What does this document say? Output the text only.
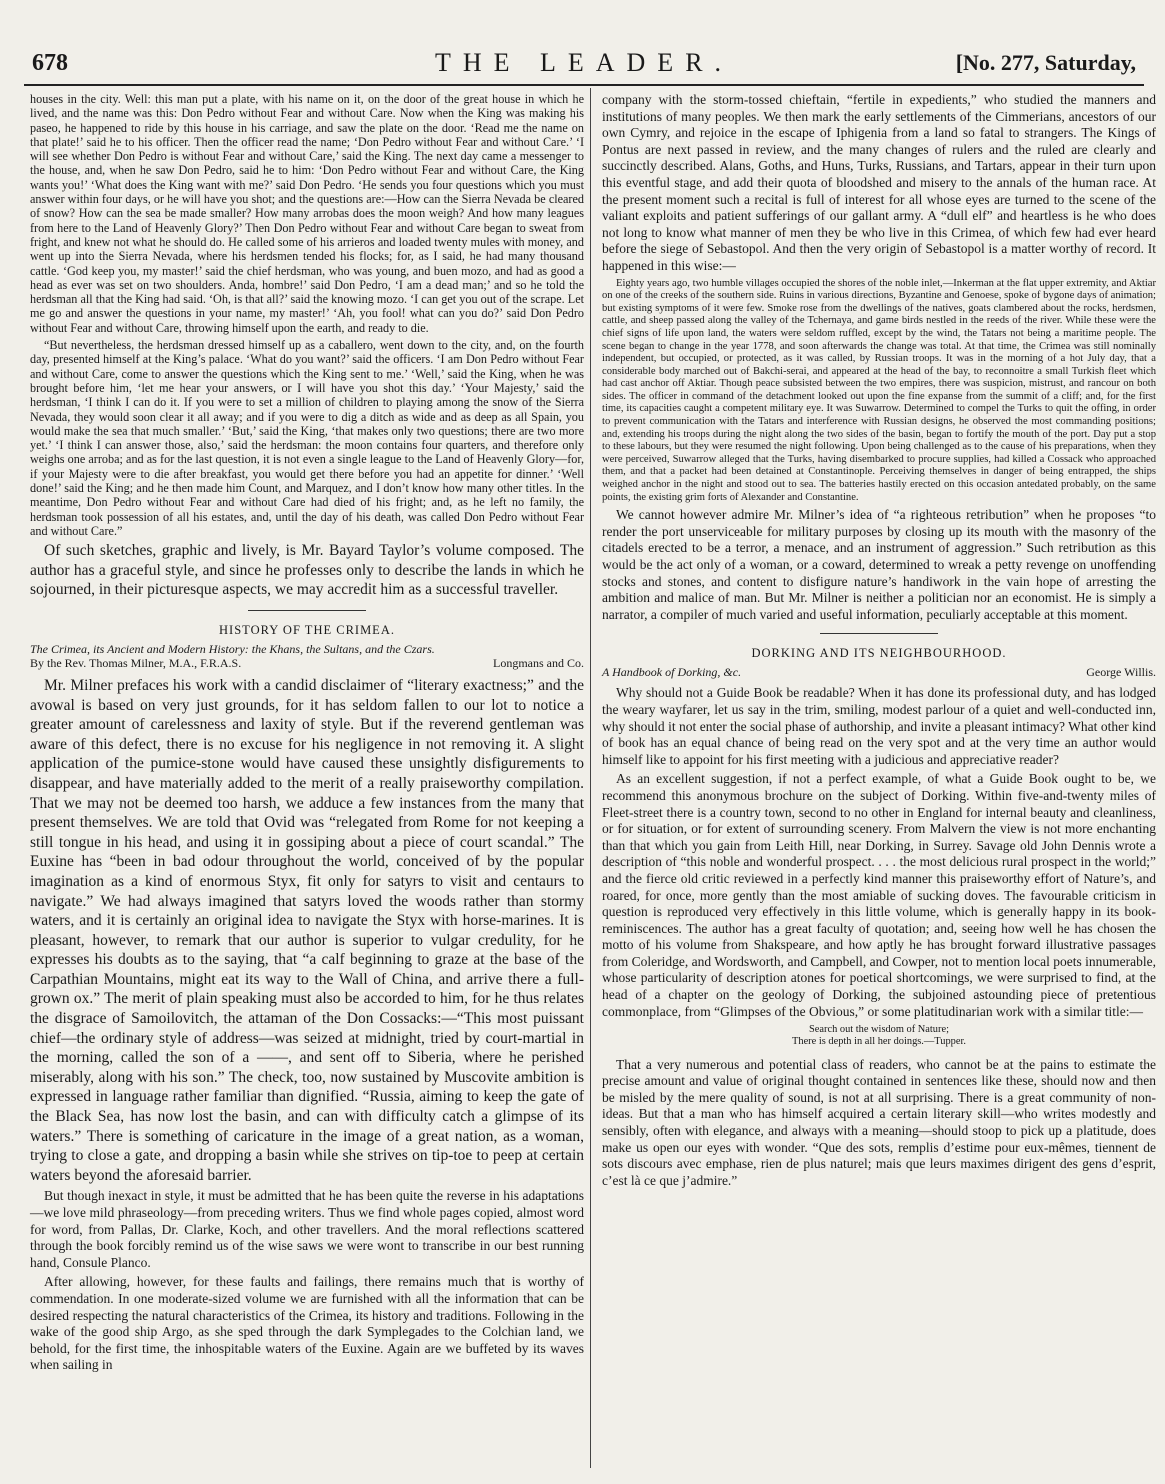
678	THE LEADER.	[No. 277, Saturday,

houses in the city. Well: this man put a plate, with his name on it, on the door of the great house in which he lived, and the name was this: Don Pedro without Fear and without Care. Now when the King was making his paseo, he happened to ride by this house in his carriage, and saw the plate on the door. ‘Read me the name on that plate!’ said he to his officer. Then the officer read the name; ‘Don Pedro without Fear and without Care.’ ‘I will see whether Don Pedro is without Fear and without Care,’ said the King. The next day came a messenger to the house, and, when he saw Don Pedro, said he to him: ‘Don Pedro without Fear and without Care, the King wants you!’ ‘What does the King want with me?’ said Don Pedro. ‘He sends you four questions which you must answer within four days, or he will have you shot; and the questions are:—How can the Sierra Nevada be cleared of snow? How can the sea be made smaller? How many arrobas does the moon weigh? And how many leagues from here to the Land of Heavenly Glory?’ Then Don Pedro without Fear and without Care began to sweat from fright, and knew not what he should do. He called some of his arrieros and loaded twenty mules with money, and went up into the Sierra Nevada, where his herdsmen tended his flocks; for, as I said, he had many thousand cattle. ‘God keep you, my master!’ said the chief herdsman, who was young, and buen mozo, and had as good a head as ever was set on two shoulders. Anda, hombre!’ said Don Pedro, ‘I am a dead man;’ and so he told the herdsman all that the King had said. ‘Oh, is that all?’ said the knowing mozo. ‘I can get you out of the scrape. Let me go and answer the questions in your name, my master!’ ‘Ah, you fool! what can you do?’ said Don Pedro without Fear and without Care, throwing himself upon the earth, and ready to die.

“But nevertheless, the herdsman dressed himself up as a caballero, went down to the city, and, on the fourth day, presented himself at the King’s palace. ‘What do you want?’ said the officers. ‘I am Don Pedro without Fear and without Care, come to answer the questions which the King sent to me.’ ‘Well,’ said the King, when he was brought before him, ‘let me hear your answers, or I will have you shot this day.’ ‘Your Majesty,’ said the herdsman, ‘I think I can do it. If you were to set a million of children to playing among the snow of the Sierra Nevada, they would soon clear it all away; and if you were to dig a ditch as wide and as deep as all Spain, you would make the sea that much smaller.’ ‘But,’ said the King, ‘that makes only two questions; there are two more yet.’ ‘I think I can answer those, also,’ said the herdsman: the moon contains four quarters, and therefore only weighs one arroba; and as for the last question, it is not even a single league to the Land of Heavenly Glory—for, if your Majesty were to die after breakfast, you would get there before you had an appetite for dinner.’ ‘Well done!’ said the King; and he then made him Count, and Marquez, and I don’t know how many other titles. In the meantime, Don Pedro without Fear and without Care had died of his fright; and, as he left no family, the herdsman took possession of all his estates, and, until the day of his death, was called Don Pedro without Fear and without Care.”

Of such sketches, graphic and lively, is Mr. Bayard Taylor’s volume composed. The author has a graceful style, and since he professes only to describe the lands in which he sojourned, in their picturesque aspects, we may accredit him as a successful traveller.

HISTORY OF THE CRIMEA.
The Crimea, its Ancient and Modern History: the Khans, the Sultans, and the Czars.
Longmans and Co.
By the Rev. Thomas Milner, M.A., F.R.A.S.

Mr. Milner prefaces his work with a candid disclaimer of “literary exactness;” and the avowal is based on very just grounds, for it has seldom fallen to our lot to notice a greater amount of carelessness and laxity of style. But if the reverend gentleman was aware of this defect, there is no excuse for his negligence in not removing it. A slight application of the pumice-stone would have caused these unsightly disfigurements to disappear, and have materially added to the merit of a really praiseworthy compilation. That we may not be deemed too harsh, we adduce a few instances from the many that present themselves. We are told that Ovid was “relegated from Rome for not keeping a still tongue in his head, and using it in gossiping about a piece of court scandal.” The Euxine has “been in bad odour throughout the world, conceived of by the popular imagination as a kind of enormous Styx, fit only for satyrs to visit and centaurs to navigate.” We had always imagined that satyrs loved the woods rather than stormy waters, and it is certainly an original idea to navigate the Styx with horse-marines. It is pleasant, however, to remark that our author is superior to vulgar credulity, for he expresses his doubts as to the saying, that “a calf beginning to graze at the base of the Carpathian Mountains, might eat its way to the Wall of China, and arrive there a full-grown ox.” The merit of plain speaking must also be accorded to him, for he thus relates the disgrace of Samoilovitch, the attaman of the Don Cossacks:—“This most puissant chief—the ordinary style of address—was seized at midnight, tried by court-martial in the morning, called the son of a ——, and sent off to Siberia, where he perished miserably, along with his son.” The check, too, now sustained by Muscovite ambition is expressed in language rather familiar than dignified. “Russia, aiming to keep the gate of the Black Sea, has now lost the basin, and can with difficulty catch a glimpse of its waters.” There is something of caricature in the image of a great nation, as a woman, trying to close a gate, and dropping a basin while she strives on tip-toe to peep at certain waters beyond the aforesaid barrier.

But though inexact in style, it must be admitted that he has been quite the reverse in his adaptations—we love mild phraseology—from preceding writers. Thus we find whole pages copied, almost word for word, from Pallas, Dr. Clarke, Koch, and other travellers. And the moral reflections scattered through the book forcibly remind us of the wise saws we were wont to transcribe in our best running hand, Consule Planco.

After allowing, however, for these faults and failings, there remains much that is worthy of commendation. In one moderate-sized volume we are furnished with all the information that can be desired respecting the natural characteristics of the Crimea, its history and traditions. Following in the wake of the good ship Argo, as she sped through the dark Symplegades to the Colchian land, we behold, for the first time, the inhospitable waters of the Euxine. Again are we buffeted by its waves when sailing in

company with the storm-tossed chieftain, “fertile in expedients,” who studied the manners and institutions of many peoples. We then mark the early settlements of the Cimmerians, ancestors of our own Cymry, and rejoice in the escape of Iphigenia from a land so fatal to strangers. The Kings of Pontus are next passed in review, and the many changes of rulers and the ruled are clearly and succinctly described. Alans, Goths, and Huns, Turks, Russians, and Tartars, appear in their turn upon this eventful stage, and add their quota of bloodshed and misery to the annals of the human race. At the present moment such a recital is full of interest for all whose eyes are turned to the scene of the valiant exploits and patient sufferings of our gallant army. A “dull elf” and heartless is he who does not long to know what manner of men they be who live in this Crimea, of which few had ever heard before the siege of Sebastopol. And then the very origin of Sebastopol is a matter worthy of record. It happened in this wise:—

Eighty years ago, two humble villages occupied the shores of the noble inlet,—Inkerman at the flat upper extremity, and Aktiar on one of the creeks of the southern side. Ruins in various directions, Byzantine and Genoese, spoke of bygone days of animation; but existing symptoms of it were few. Smoke rose from the dwellings of the natives, goats clambered about the rocks, herdsmen, cattle, and sheep passed along the valley of the Tchernaya, and game birds nestled in the reeds of the river. While these were the chief signs of life upon land, the waters were seldom ruffled, except by the wind, the Tatars not being a maritime people. The scene began to change in the year 1778, and soon afterwards the change was total. At that time, the Crimea was still nominally independent, but occupied, or protected, as it was called, by Russian troops. It was in the morning of a hot July day, that a considerable body marched out of Bakchi-serai, and appeared at the head of the bay, to reconnoitre a small Turkish fleet which had cast anchor off Aktiar. Though peace subsisted between the two empires, there was suspicion, mistrust, and rancour on both sides. The officer in command of the detachment looked out upon the fine expanse from the summit of a cliff; and, for the first time, its capacities caught a competent military eye. It was Suwarrow. Determined to compel the Turks to quit the offing, in order to prevent communication with the Tatars and interference with Russian designs, he observed the most commanding positions; and, extending his troops during the night along the two sides of the basin, began to fortify the mouth of the port. Day put a stop to these labours, but they were resumed the night following. Upon being challenged as to the cause of his preparations, when they were perceived, Suwarrow alleged that the Turks, having disembarked to procure supplies, had killed a Cossack who approached them, and that a packet had been detained at Constantinople. Perceiving themselves in danger of being entrapped, the ships weighed anchor in the night and stood out to sea. The batteries hastily erected on this occasion antedated probably, on the same points, the existing grim forts of Alexander and Constantine.

We cannot however admire Mr. Milner’s idea of “a righteous retribution” when he proposes “to render the port unserviceable for military purposes by closing up its mouth with the masonry of the citadels erected to be a terror, a menace, and an instrument of aggression.” Such retribution as this would be the act only of a woman, or a coward, determined to wreak a petty revenge on unoffending stocks and stones, and content to disfigure nature’s handiwork in the vain hope of arresting the ambition and malice of man. But Mr. Milner is neither a politician nor an economist. He is simply a narrator, a compiler of much varied and useful information, peculiarly acceptable at this moment.

DORKING AND ITS NEIGHBOURHOOD.
George Willis.
A Handbook of Dorking, &c.

Why should not a Guide Book be readable? When it has done its professional duty, and has lodged the weary wayfarer, let us say in the trim, smiling, modest parlour of a quiet and well-conducted inn, why should it not enter the social phase of authorship, and invite a pleasant intimacy? What other kind of book has an equal chance of being read on the very spot and at the very time an author would himself like to appoint for his first meeting with a judicious and appreciative reader?

As an excellent suggestion, if not a perfect example, of what a Guide Book ought to be, we recommend this anonymous brochure on the subject of Dorking. Within five-and-twenty miles of Fleet-street there is a country town, second to no other in England for internal beauty and cleanliness, or for situation, or for extent of surrounding scenery. From Malvern the view is not more enchanting than that which you gain from Leith Hill, near Dorking, in Surrey. Savage old John Dennis wrote a description of “this noble and wonderful prospect. . . . the most delicious rural prospect in the world;” and the fierce old critic reviewed in a perfectly kind manner this praiseworthy effort of Nature’s, and roared, for once, more gently than the most amiable of sucking doves. The favourable criticism in question is reproduced very effectively in this little volume, which is generally happy in its book-reminiscences. The author has a great faculty of quotation; and, seeing how well he has chosen the motto of his volume from Shakspeare, and how aptly he has brought forward illustrative passages from Coleridge, and Wordsworth, and Campbell, and Cowper, not to mention local poets innumerable, whose particularity of description atones for poetical shortcomings, we were surprised to find, at the head of a chapter on the geology of Dorking, the subjoined astounding piece of pretentious commonplace, from “Glimpses of the Obvious,” or some platitudinarian work with a similar title:—

Search out the wisdom of Nature;
There is depth in all her doings.—Tupper.

That a very numerous and potential class of readers, who cannot be at the pains to estimate the precise amount and value of original thought contained in sentences like these, should now and then be misled by the mere quality of sound, is not at all surprising. There is a great community of non-ideas. But that a man who has himself acquired a certain literary skill—who writes modestly and sensibly, often with elegance, and always with a meaning—should stoop to pick up a platitude, does make us open our eyes with wonder. “Que des sots, remplis d’estime pour eux-mêmes, tiennent de sots discours avec emphase, rien de plus naturel; mais que leurs maximes dirigent des gens d’esprit, c’est là ce que j’admire.”
